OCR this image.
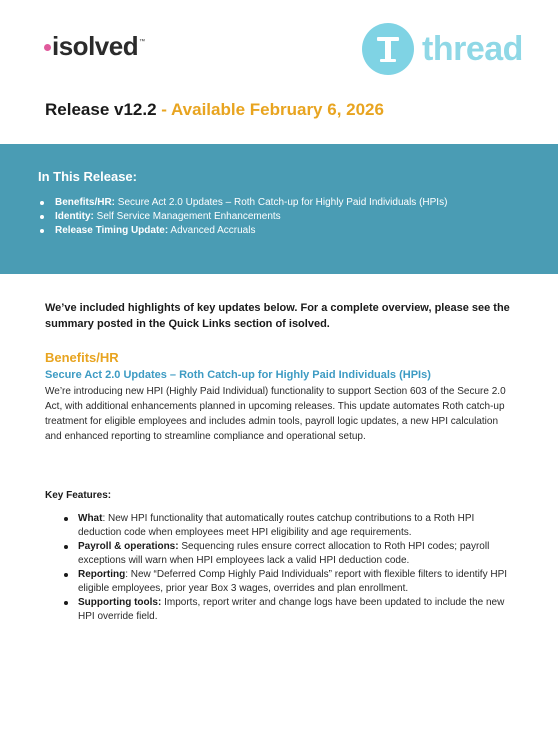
isolved ™	thread
Release v12.2 - Available February 6, 2026
In This Release:
Benefits/HR: Secure Act 2.0 Updates – Roth Catch-up for Highly Paid Individuals (HPIs)
Identity: Self Service Management Enhancements
Release Timing Update: Advanced Accruals

We’ve included highlights of key updates below. For a complete overview, please see the summary posted in the Quick Links section of isolved.

Benefits/HR
Secure Act 2.0 Updates – Roth Catch-up for Highly Paid Individuals (HPIs)

We’re introducing new HPI (Highly Paid Individual) functionality to support Section 603 of the Secure 2.0 Act, with additional enhancements planned in upcoming releases. This update automates Roth catch-up treatment for eligible employees and includes admin tools, payroll logic updates, a new HPI calculation and enhanced reporting to streamline compliance and operational setup.

Key Features:

What: New HPI functionality that automatically routes catchup contributions to a Roth HPI deduction code when employees meet HPI eligibility and age requirements.
Payroll & operations: Sequencing rules ensure correct allocation to Roth HPI codes; payroll exceptions will warn when HPI employees lack a valid HPI deduction code.
Reporting: New “Deferred Comp Highly Paid Individuals” report with flexible filters to identify HPI eligible employees, prior year Box 3 wages, overrides and plan enrollment.
Supporting tools: Imports, report writer and change logs have been updated to include the new HPI override field.
